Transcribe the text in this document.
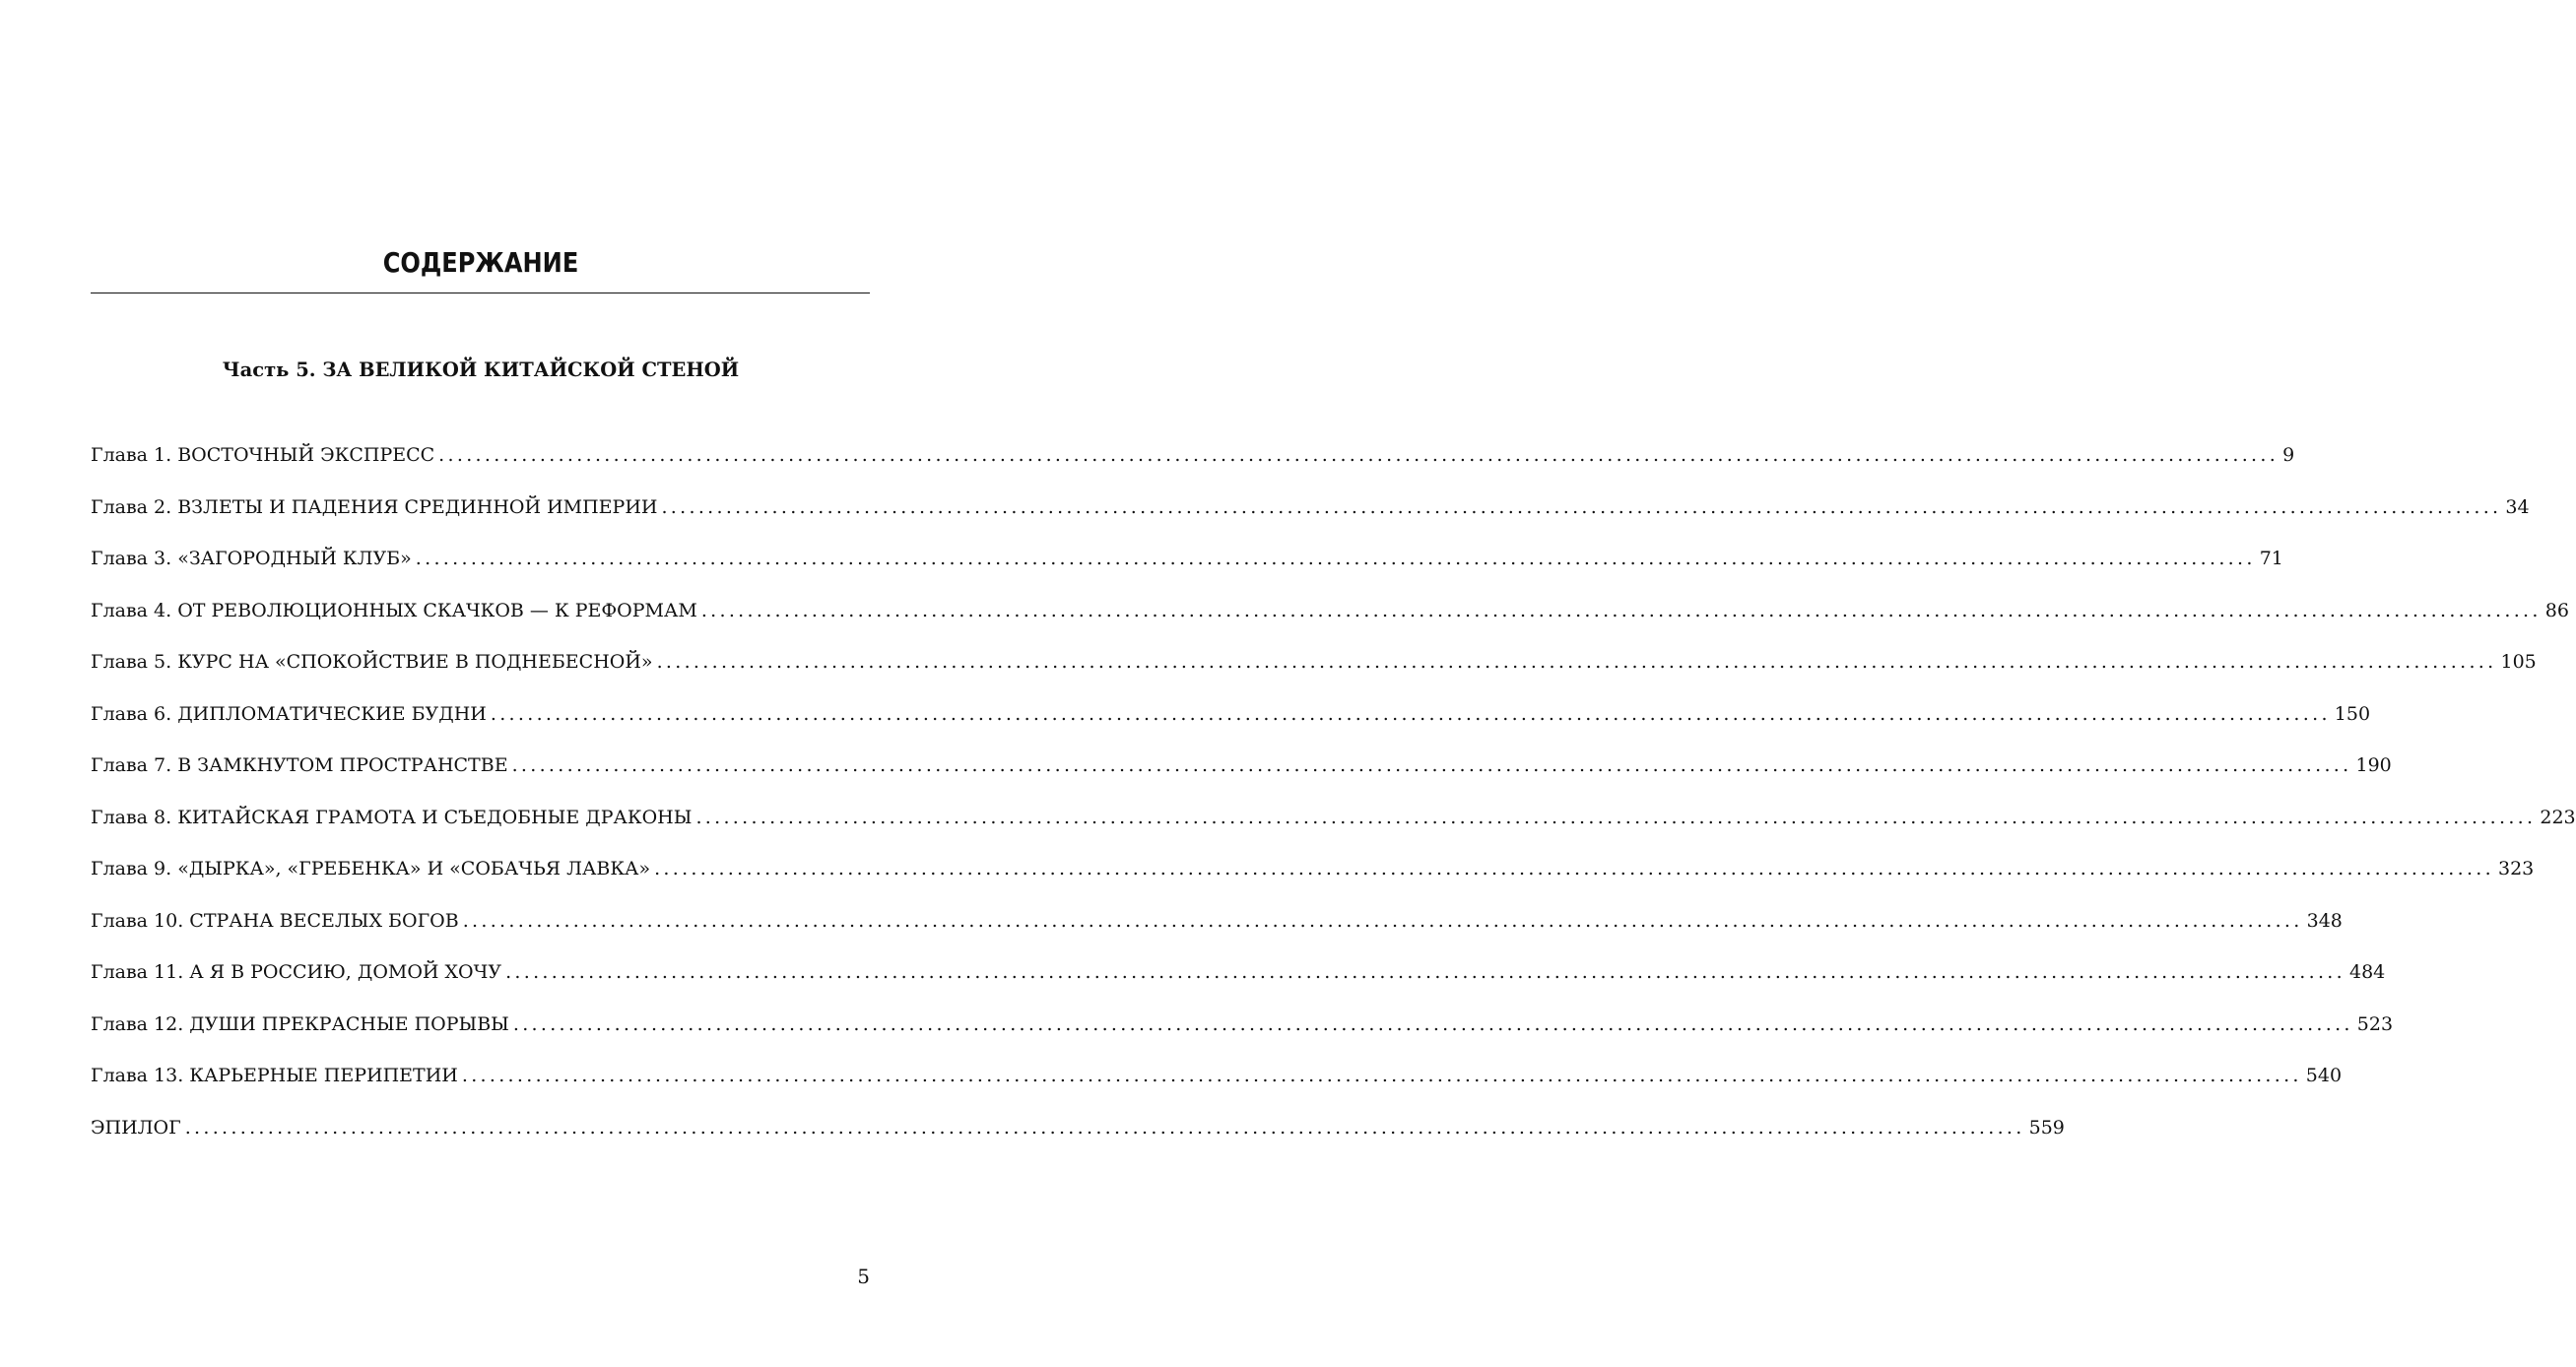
СОДЕРЖАНИЕ
Часть 5. ЗА ВЕЛИКОЙ КИТАЙСКОЙ СТЕНОЙ
Глава 1. ВОСТОЧНЫЙ ЭКСПРЕСС ........................................................................................................................................................................................................ 9
Глава 2. ВЗЛЕТЫ И ПАДЕНИЯ СРЕДИННОЙ ИМПЕРИИ ........................................................................................................................................................................................................ 34
Глава 3. «ЗАГОРОДНЫЙ КЛУБ» ........................................................................................................................................................................................................ 71
Глава 4. ОТ РЕВОЛЮЦИОННЫХ СКАЧКОВ — К РЕФОРМАМ ........................................................................................................................................................................................................ 86
Глава 5. КУРС НА «СПОКОЙСТВИЕ В ПОДНЕБЕСНОЙ» ........................................................................................................................................................................................................ 105
Глава 6. ДИПЛОМАТИЧЕСКИЕ БУДНИ ........................................................................................................................................................................................................ 150
Глава 7. В ЗАМКНУТОМ ПРОСТРАНСТВЕ ........................................................................................................................................................................................................ 190
Глава 8. КИТАЙСКАЯ ГРАМОТА И СЪЕДОБНЫЕ ДРАКОНЫ ........................................................................................................................................................................................................ 223
Глава 9. «ДЫРКА», «ГРЕБЕНКА» И «СОБАЧЬЯ ЛАВКА» ........................................................................................................................................................................................................ 323
Глава 10. СТРАНА ВЕСЕЛЫХ БОГОВ ........................................................................................................................................................................................................ 348
Глава 11. А Я В РОССИЮ, ДОМОЙ ХОЧУ ........................................................................................................................................................................................................ 484
Глава 12. ДУШИ ПРЕКРАСНЫЕ ПОРЫВЫ ........................................................................................................................................................................................................ 523
Глава 13. КАРЬЕРНЫЕ ПЕРИПЕТИИ ........................................................................................................................................................................................................ 540
ЭПИЛОГ ........................................................................................................................................................................................................ 559
5
